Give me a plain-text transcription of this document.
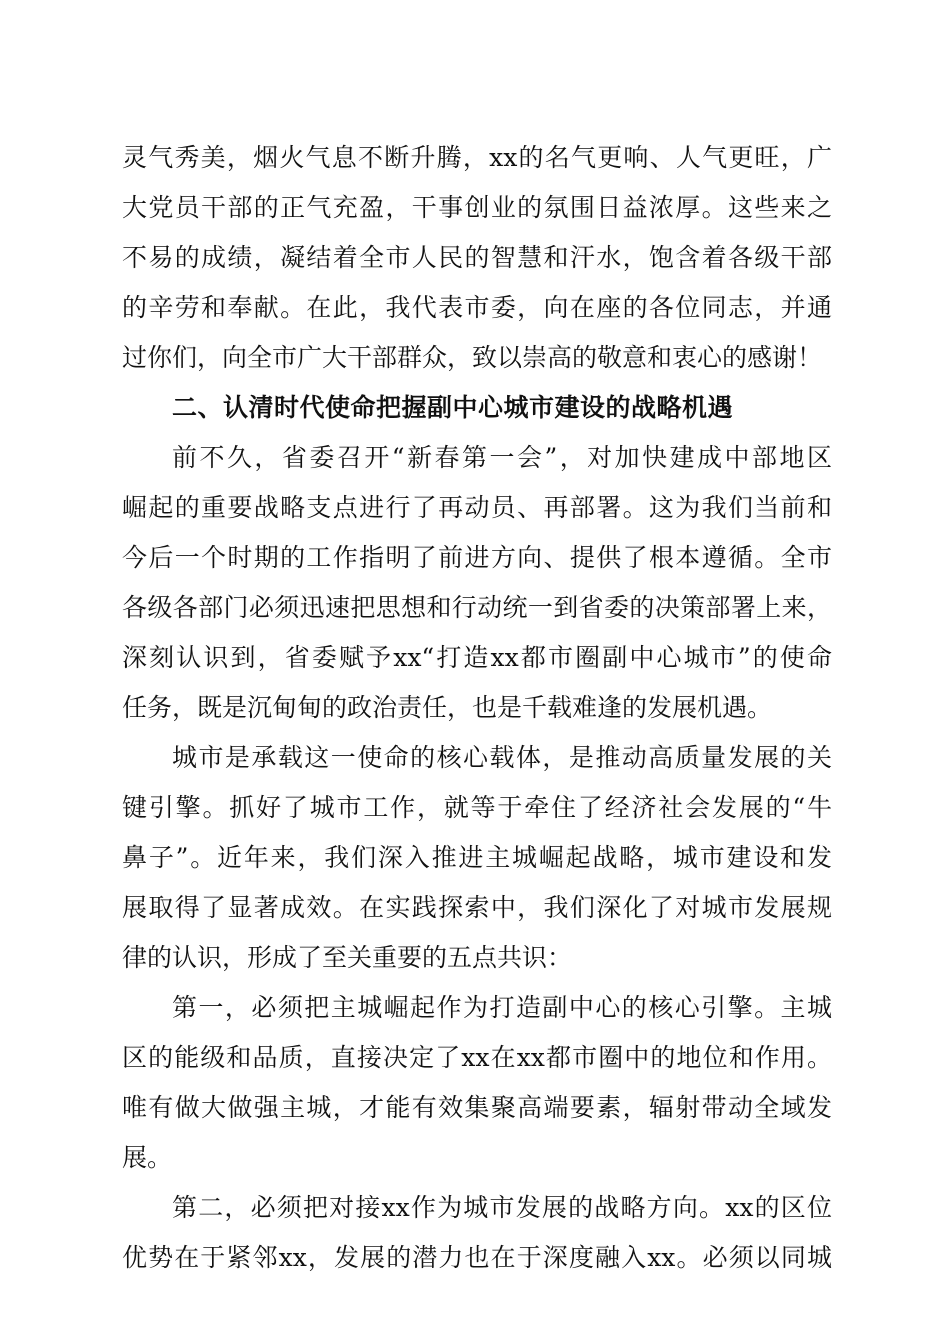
灵气秀美，烟火气息不断升腾，xx的名气更响、人气更旺，广
大党员干部的正气充盈，干事创业的氛围日益浓厚。这些来之
不易的成绩，凝结着全市人民的智慧和汗水，饱含着各级干部
的辛劳和奉献。在此，我代表市委，向在座的各位同志，并通
过你们，向全市广大干部群众，致以崇高的敬意和衷心的感谢！
二、认清时代使命把握副中心城市建设的战略机遇
前不久，省委召开“新春第一会”，对加快建成中部地区
崛起的重要战略支点进行了再动员、再部署。这为我们当前和
今后一个时期的工作指明了前进方向、提供了根本遵循。全市
各级各部门必须迅速把思想和行动统一到省委的决策部署上来，
深刻认识到，省委赋予xx“打造xx都市圈副中心城市”的使命
任务，既是沉甸甸的政治责任，也是千载难逢的发展机遇。
城市是承载这一使命的核心载体，是推动高质量发展的关
键引擎。抓好了城市工作，就等于牵住了经济社会发展的“牛
鼻子”。近年来，我们深入推进主城崛起战略，城市建设和发
展取得了显著成效。在实践探索中，我们深化了对城市发展规
律的认识，形成了至关重要的五点共识：
第一，必须把主城崛起作为打造副中心的核心引擎。主城
区的能级和品质，直接决定了xx在xx都市圈中的地位和作用。
唯有做大做强主城，才能有效集聚高端要素，辐射带动全域发
展。
第二，必须把对接xx作为城市发展的战略方向。xx的区位
优势在于紧邻xx，发展的潜力也在于深度融入xx。必须以同城
